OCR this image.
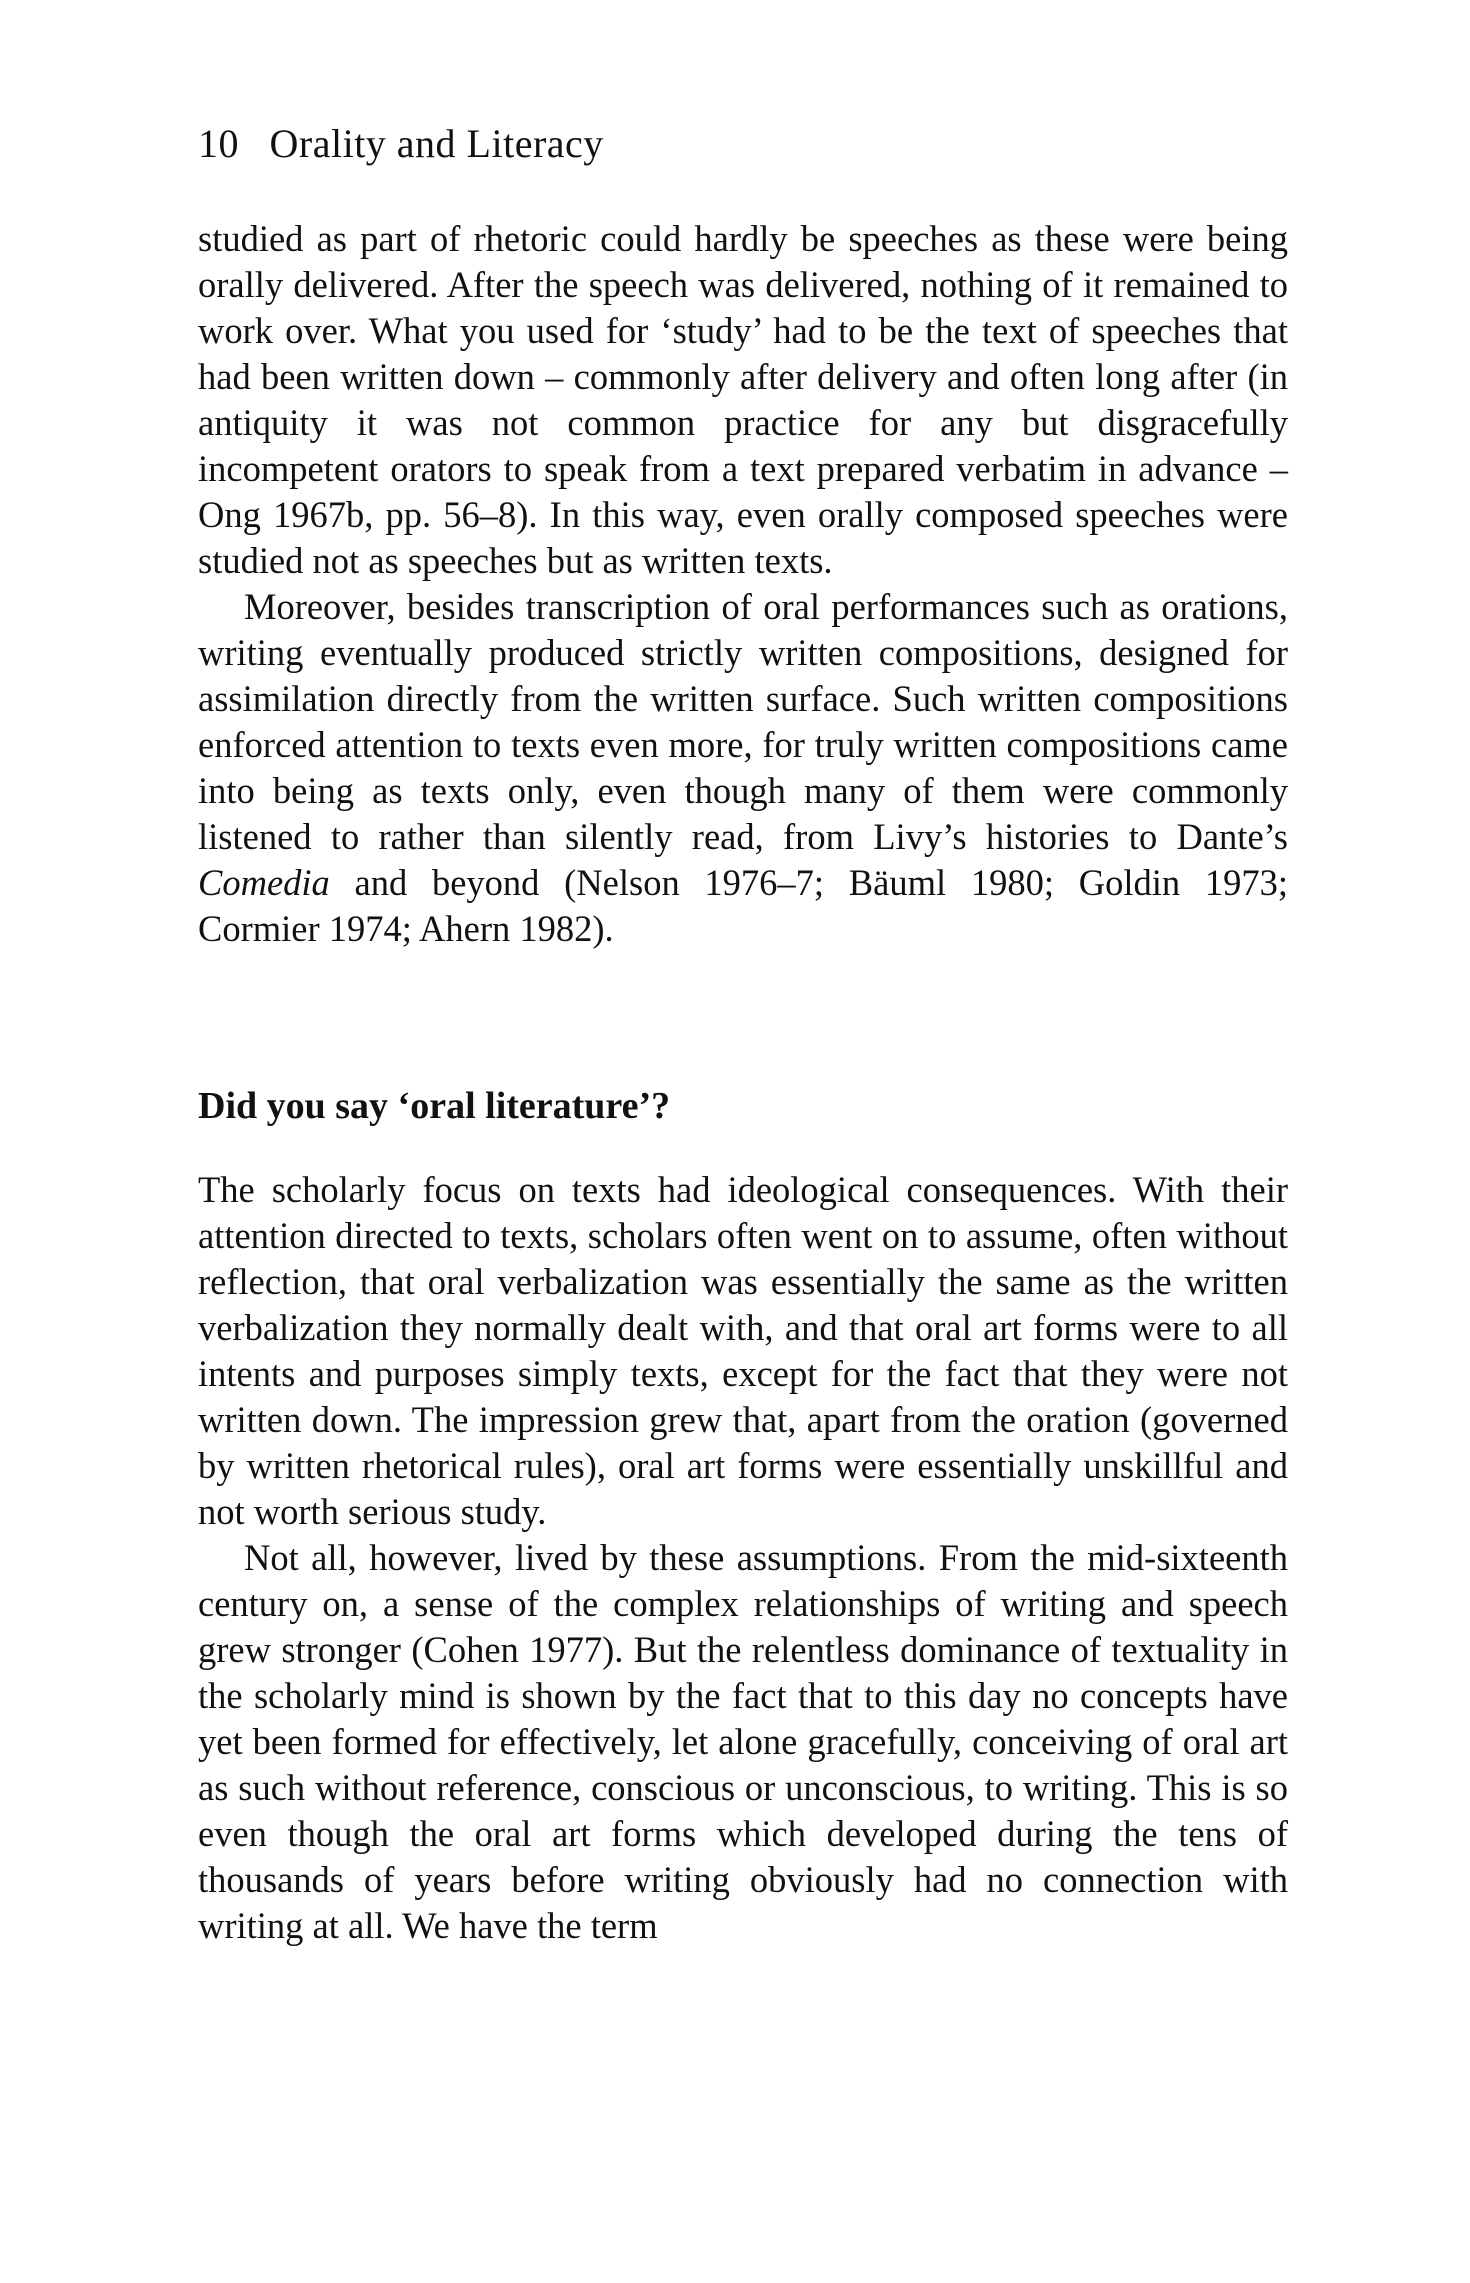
10 Orality and Literacy

studied as part of rhetoric could hardly be speeches as these were being orally delivered. After the speech was delivered, nothing of it remained to work over. What you used for ‘study’ had to be the text of speeches that had been written down – commonly after delivery and often long after (in antiquity it was not common practice for any but disgracefully incompetent orators to speak from a text prepared verbatim in advance – Ong 1967b, pp. 56–8). In this way, even orally composed speeches were studied not as speeches but as written texts.

Moreover, besides transcription of oral performances such as orations, writing eventually produced strictly written compositions, designed for assimilation directly from the written surface. Such written compositions enforced attention to texts even more, for truly written compositions came into being as texts only, even though many of them were commonly listened to rather than silently read, from Livy’s histories to Dante’s Comedia and beyond (Nelson 1976–7; Bäuml 1980; Goldin 1973; Cormier 1974; Ahern 1982).

Did you say ‘oral literature’?

The scholarly focus on texts had ideological consequences. With their attention directed to texts, scholars often went on to assume, often without reflection, that oral verbalization was essentially the same as the written verbalization they normally dealt with, and that oral art forms were to all intents and purposes simply texts, except for the fact that they were not written down. The impression grew that, apart from the oration (governed by written rhetorical rules), oral art forms were essentially unskillful and not worth serious study.

Not all, however, lived by these assumptions. From the mid-sixteenth century on, a sense of the complex relationships of writing and speech grew stronger (Cohen 1977). But the relentless dominance of textuality in the scholarly mind is shown by the fact that to this day no concepts have yet been formed for effectively, let alone gracefully, conceiving of oral art as such without reference, conscious or unconscious, to writing. This is so even though the oral art forms which developed during the tens of thousands of years before writing obviously had no connection with writing at all. We have the term
